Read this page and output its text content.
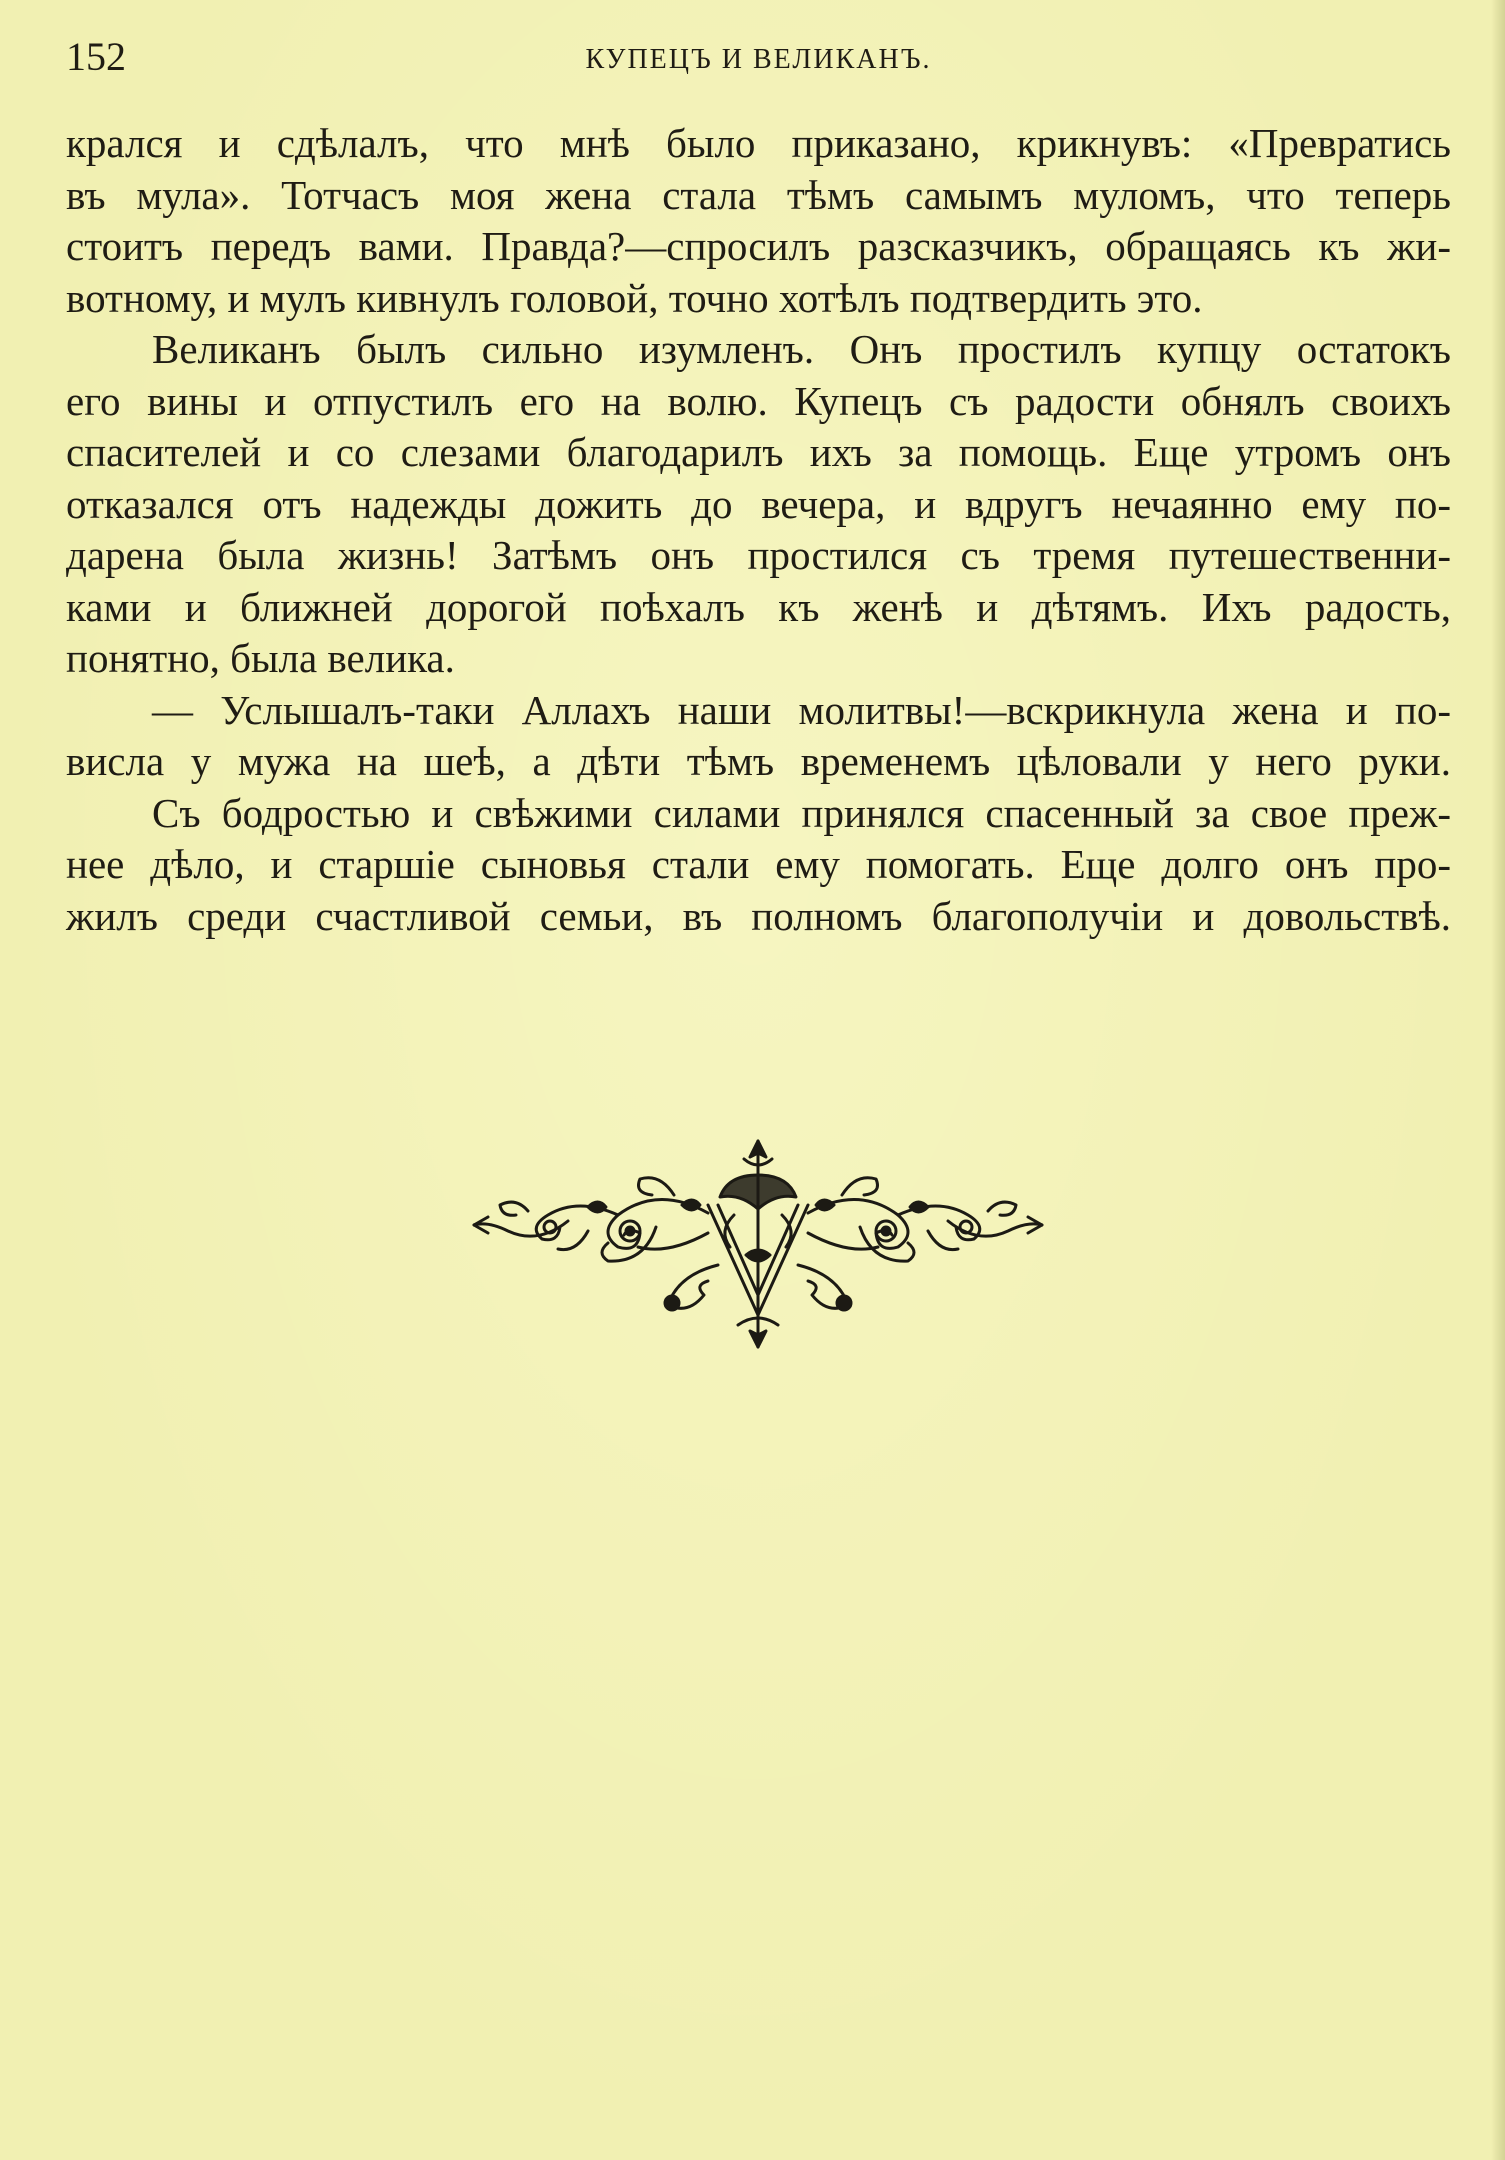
152	КУПЕЦЪ И ВЕЛИКАНЪ.

крался и сдѣлалъ, что мнѣ было приказано, крикнувъ: «Превратись
въ мула». Тотчасъ моя жена стала тѣмъ самымъ муломъ, что теперь
стоитъ передъ вами. Правда?—спросилъ разсказчикъ, обращаясь къ жи-
вотному, и мулъ кивнулъ головой, точно хотѣлъ подтвердить это.

Великанъ былъ сильно изумленъ. Онъ простилъ купцу остатокъ
его вины и отпустилъ его на волю. Купецъ съ радости обнялъ своихъ
спасителей и со слезами благодарилъ ихъ за помощь. Еще утромъ онъ
отказался отъ надежды дожить до вечера, и вдругъ нечаянно ему по-
дарена была жизнь! Затѣмъ онъ простился съ тремя путешественни-
ками и ближней дорогой поѣхалъ къ женѣ и дѣтямъ. Ихъ радость,
понятно, была велика.

— Услышалъ-таки Аллахъ наши молитвы!—вскрикнула жена и по-
висла у мужа на шеѣ, а дѣти тѣмъ временемъ цѣловали у него руки.

Съ бодростью и свѣжими силами принялся спасенный за свое преж-
нее дѣло, и старшіе сыновья стали ему помогать. Еще долго онъ про-
жилъ среди счастливой семьи, въ полномъ благополучіи и довольствѣ.
